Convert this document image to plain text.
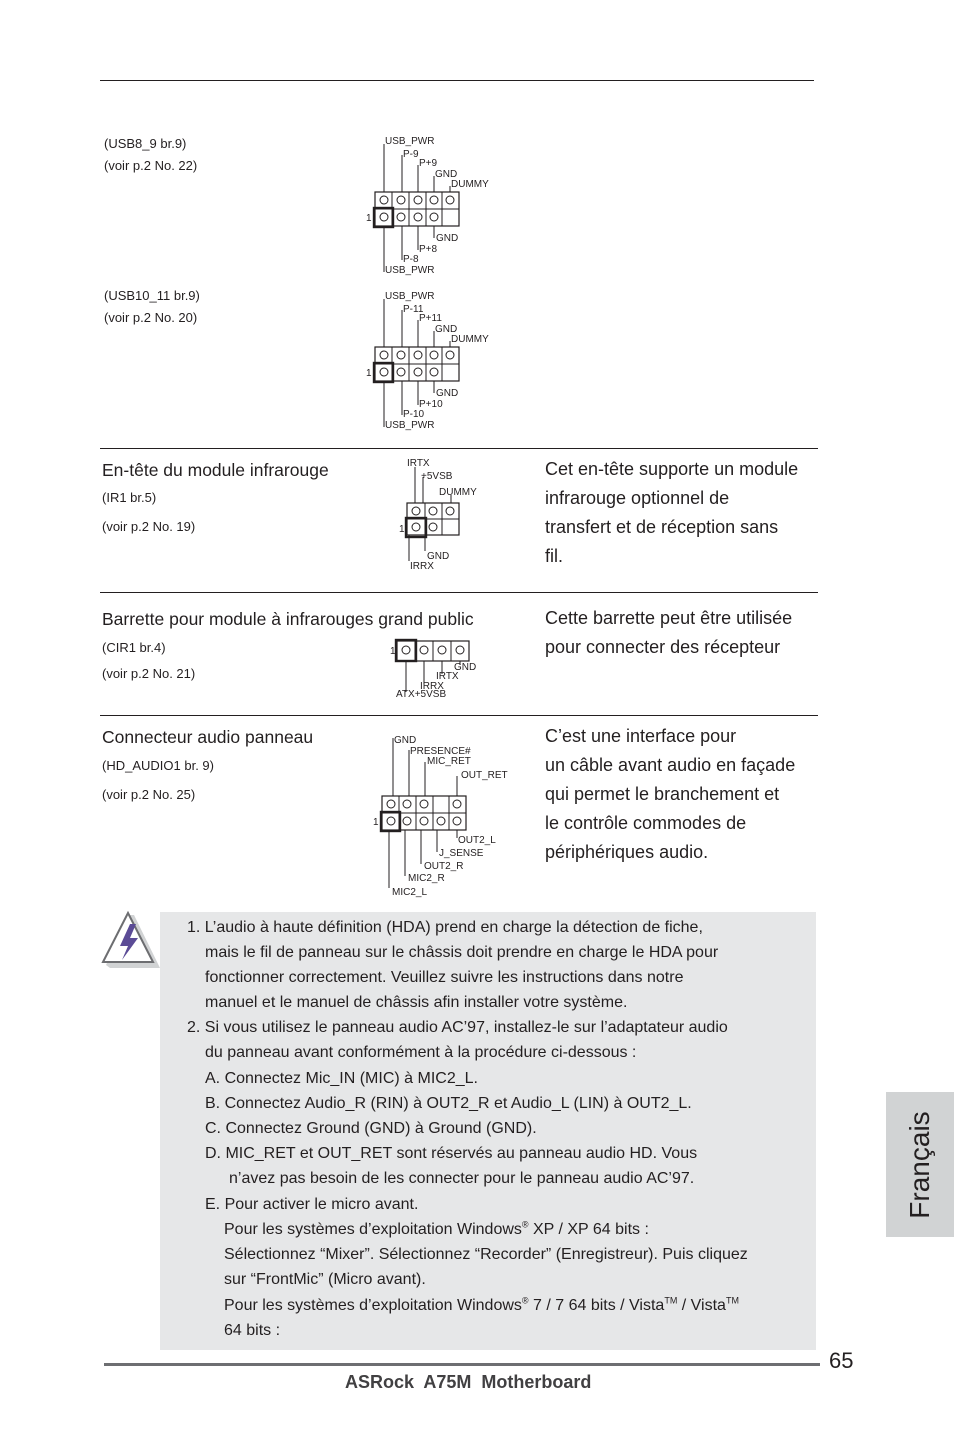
(USB8_9 br.9)
(voir p.2 No. 22)
USB_PWR
P-9
P+9
GND
DUMMY
1
GND
P+8
P-8
USB_PWR
(USB10_11 br.9)
(voir p.2 No. 20)
USB_PWR
P-11
P+11
GND
DUMMY
1
GND
P+10
P-10
USB_PWR
En-tête du module infrarouge
(IR1 br.5)
(voir p.2 No. 19)
IRTX
+5VSB
DUMMY
1
GND
IRRX
Cet en-tête supporte un module
infrarouge optionnel de
transfert et de réception sans
fil.
Barrette pour module à infrarouges grand public
(CIR1 br.4)
(voir p.2 No. 21)
1
GND
IRTX
IRRX
ATX+5VSB
Cette barrette peut être utilisée
pour connecter des récepteur
Connecteur audio panneau
(HD_AUDIO1 br. 9)
(voir p.2 No. 25)
GND
PRESENCE#
MIC_RET
OUT_RET
1
OUT2_L
J_SENSE
OUT2_R
MIC2_R
MIC2_L
C’est une interface pour
un câble avant audio en façade
qui permet le branchement et
le contrôle commodes de
périphériques audio.
1. L’audio à haute définition (HDA) prend en charge la détection de fiche,
mais le fil de panneau sur le châssis doit prendre en charge le HDA pour
fonctionner correctement. Veuillez suivre les instructions dans notre
manuel et le manuel de châssis afin installer votre système.
2. Si vous utilisez le panneau audio AC’97, installez-le sur l’adaptateur audio
du panneau avant conformément à la procédure ci-dessous :
A. Connectez Mic_IN (MIC) à MIC2_L.
B. Connectez Audio_R (RIN) à OUT2_R et Audio_L (LIN) à OUT2_L.
C. Connectez Ground (GND) à Ground (GND).
D. MIC_RET et OUT_RET sont réservés au panneau audio HD. Vous
n’avez pas besoin de les connecter pour le panneau audio AC’97.
E. Pour activer le micro avant.
Pour les systèmes d’exploitation Windows® XP / XP 64 bits :
Sélectionnez “Mixer”. Sélectionnez “Recorder” (Enregistreur). Puis cliquez
sur “FrontMic” (Micro avant).
Pour les systèmes d’exploitation Windows® 7 / 7 64 bits / Vista™ / Vista™
64 bits :
Français
65
ASRock  A75M  Motherboard
